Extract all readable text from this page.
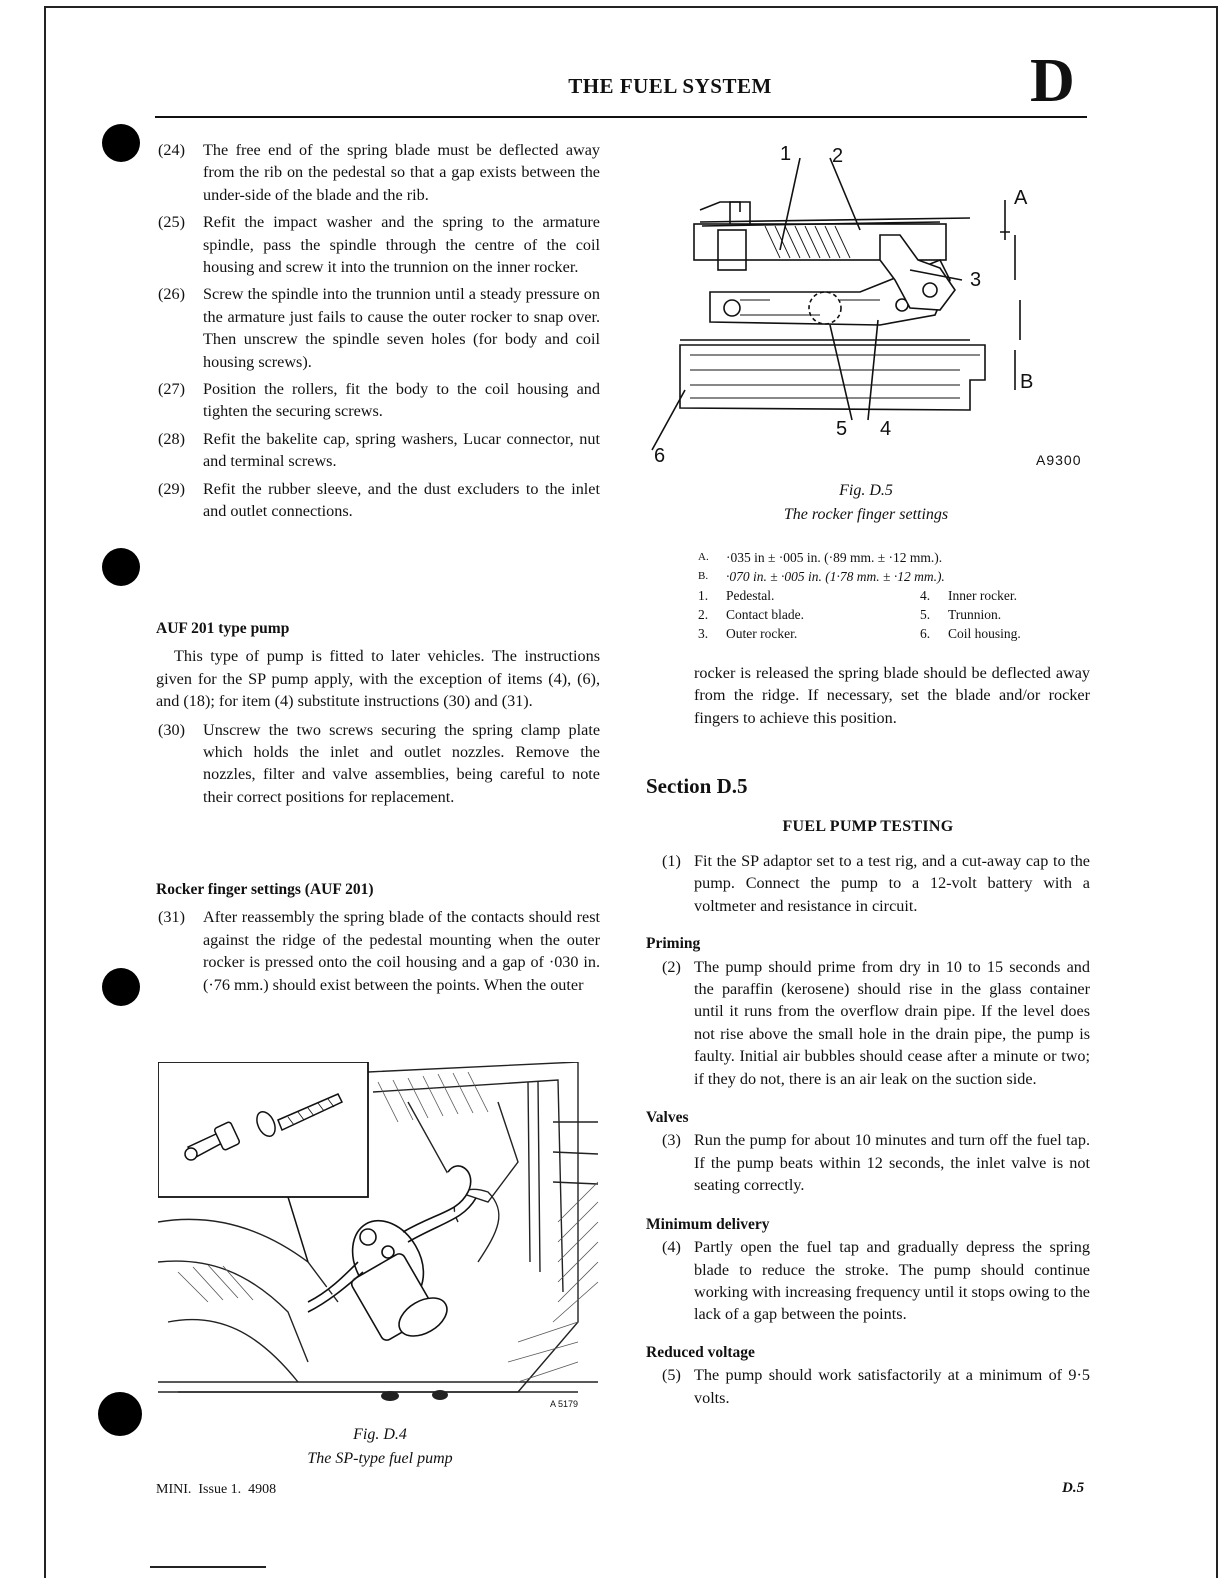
THE FUEL SYSTEM	D
(24)	The free end of the spring blade must be deflected away from the rib on the pedestal so that a gap exists between the under-side of the blade and the rib.
(25)	Refit the impact washer and the spring to the armature spindle, pass the spindle through the centre of the coil housing and screw it into the trunnion on the inner rocker.
(26)	Screw the spindle into the trunnion until a steady pressure on the armature just fails to cause the outer rocker to snap over. Then unscrew the spindle seven holes (for body and coil housing screws).
(27)	Position the rollers, fit the body to the coil housing and tighten the securing screws.
(28)	Refit the bakelite cap, spring washers, Lucar connector, nut and terminal screws.
(29)	Refit the rubber sleeve, and the dust excluders to the inlet and outlet connections.
AUF 201 type pump
This type of pump is fitted to later vehicles. The instructions given for the SP pump apply, with the exception of items (4), (6), and (18); for item (4) substitute instructions (30) and (31).
(30)	Unscrew the two screws securing the spring clamp plate which holds the inlet and outlet nozzles. Remove the nozzles, filter and valve assemblies, being careful to note their correct positions for replacement.
Rocker finger settings (AUF 201)
(31)	After reassembly the spring blade of the contacts should rest against the ridge of the pedestal mounting when the outer rocker is pressed onto the coil housing and a gap of ·030 in. (·76 mm.) should exist between the points. When the outer
A 5179
Fig. D.4
The SP-type fuel pump
1 2
A
3
B
5 4
6	A9300
Fig. D.5
The rocker finger settings
A.	·035 in ± ·005 in. (·89 mm. ± ·12 mm.).
B.	·070 in. ± ·005 in. (1·78 mm. ± ·12 mm.).
1.	Pedestal.	4.	Inner rocker.
2.	Contact blade.	5.	Trunnion.
3.	Outer rocker.	6.	Coil housing.
rocker is released the spring blade should be deflected away from the ridge. If necessary, set the blade and/or rocker fingers to achieve this position.
Section D.5
FUEL PUMP TESTING
(1) Fit the SP adaptor set to a test rig, and a cut-away cap to the pump. Connect the pump to a 12-volt battery with a voltmeter and resistance in circuit.
Priming
(2) The pump should prime from dry in 10 to 15 seconds and the paraffin (kerosene) should rise in the glass container until it runs from the overflow drain pipe. If the level does not rise above the small hole in the drain pipe, the pump is faulty. Initial air bubbles should cease after a minute or two; if they do not, there is an air leak on the suction side.
Valves
(3) Run the pump for about 10 minutes and turn off the fuel tap. If the pump beats within 12 seconds, the inlet valve is not seating correctly.
Minimum delivery
(4) Partly open the fuel tap and gradually depress the spring blade to reduce the stroke. The pump should continue working with increasing frequency until it stops owing to the lack of a gap between the points.
Reduced voltage
(5) The pump should work satisfactorily at a minimum of 9·5 volts.
MINI.  Issue 1.  4908	D.5
